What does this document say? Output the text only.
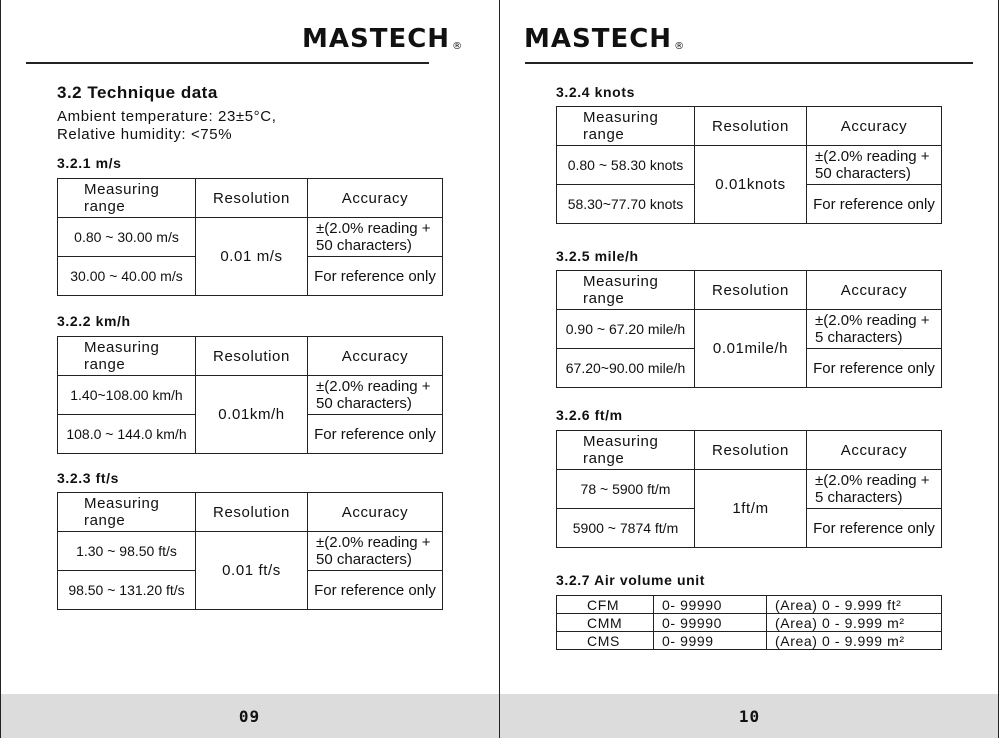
MASTECH ®
3.2 Technique data
Ambient temperature: 23±5°C,
Relative humidity: <75%
3.2.1 m/s
Measuring range	Resolution	Accuracy
0.80 ~ 30.00 m/s	0.01 m/s	±(2.0% reading + 50 characters)
30.00 ~ 40.00 m/s		For reference only
3.2.2 km/h
Measuring range	Resolution	Accuracy
1.40~108.00 km/h	0.01km/h	±(2.0% reading + 50 characters)
108.0 ~ 144.0 km/h		For reference only
3.2.3 ft/s
Measuring range	Resolution	Accuracy
1.30 ~ 98.50 ft/s	0.01 ft/s	±(2.0% reading + 50 characters)
98.50 ~ 131.20 ft/s		For reference only
09
MASTECH ®
3.2.4 knots
Measuring range	Resolution	Accuracy
0.80 ~ 58.30 knots	0.01knots	±(2.0% reading + 50 characters)
58.30~77.70 knots		For reference only
3.2.5 mile/h
Measuring range	Resolution	Accuracy
0.90 ~ 67.20 mile/h	0.01mile/h	±(2.0% reading + 5 characters)
67.20~90.00 mile/h		For reference only
3.2.6 ft/m
Measuring range	Resolution	Accuracy
78 ~ 5900 ft/m	1ft/m	±(2.0% reading + 5 characters)
5900 ~ 7874 ft/m		For reference only
3.2.7 Air volume unit
CFM	0- 99990	(Area) 0 - 9.999 ft²
CMM	0- 99990	(Area) 0 - 9.999 m²
CMS	0- 9999	(Area) 0 - 9.999 m²
10
